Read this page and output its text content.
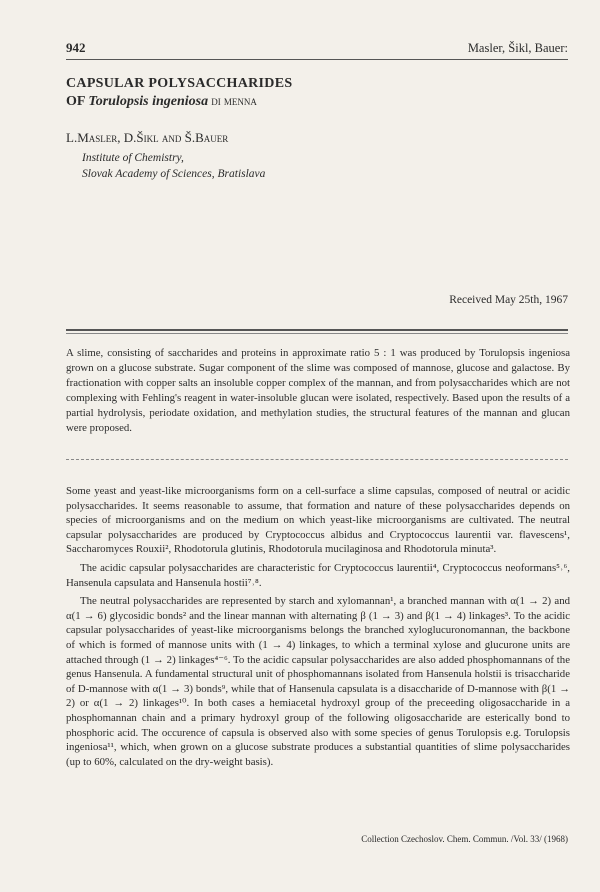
942	Masler, Šikl, Bauer:
CAPSULAR POLYSACCHARIDES
OF Torulopsis ingeniosa di menna
L.Masler, D.Šikl and Š.Bauer
Institute of Chemistry,
Slovak Academy of Sciences, Bratislava
Received May 25th, 1967
A slime, consisting of saccharides and proteins in approximate ratio 5 : 1 was produced by Torulopsis ingeniosa grown on a glucose substrate. Sugar component of the slime was composed of mannose, glucose and galactose. By fractionation with copper salts an insoluble copper complex of the mannan, and from polysaccharides which are not complexing with Fehling's reagent in water-insoluble glucan were isolated, respectively. Based upon the results of a partial hydrolysis, periodate oxidation, and methylation studies, the structural features of the mannan and glucan were proposed.

Some yeast and yeast-like microorganisms form on a cell-surface a slime capsulas, composed of neutral or acidic polysaccharides. It seems reasonable to assume, that formation and nature of these polysaccharides depends on species of microorganisms and on the medium on which yeast-like microorganisms are cultivated. The neutral capsular polysaccharides are produced by Cryptococcus albidus and Cryptococcus laurentii var. flavescens¹, Saccharomyces Rouxii², Rhodotorula glutinis, Rhodotorula mucilaginosa and Rhodotorula minuta³.

The acidic capsular polysaccharides are characteristic for Cryptococcus laurentii⁴, Cryptococcus neoformans⁵˒⁶, Hansenula capsulata and Hansenula hostii⁷˒⁸.

The neutral polysaccharides are represented by starch and xylomannan¹, a branched mannan with α(1 → 2) and α(1 → 6) glycosidic bonds² and the linear mannan with alternating β (1 → 3) and β(1 → 4) linkages³. To the acidic capsular polysaccharides of yeast-like microorganisms belongs the branched xyloglucuronomannan, the backbone of which is formed of mannose units with (1 → 4) linkages, to which a terminal xylose and glucurone units are attached through (1 → 2) linkages⁴⁻⁶. To the acidic capsular polysaccharides are also added phosphomannans of the genus Hansenula. A fundamental structural unit of phosphomannans isolated from Hansenula holstii is trisaccharide of D-mannose with α(1 → 3) bonds⁹, while that of Hansenula capsulata is a disaccharide of D-mannose with β(1 → 2) or α(1 → 2) linkages¹⁰. In both cases a hemiacetal hydroxyl group of the preceeding oligosaccharide in a phosphomannan chain and a primary hydroxyl group of the following oligosaccharide are esterically bond to phosphoric acid. The occurence of capsula is observed also with some species of genus Torulopsis e.g. Torulopsis ingeniosa¹¹, which, when grown on a glucose substrate produces a substantial quantities of slime polysaccharides (up to 60%, calculated on the dry-weight basis).

Collection Czechoslov. Chem. Commun. /Vol. 33/ (1968)
